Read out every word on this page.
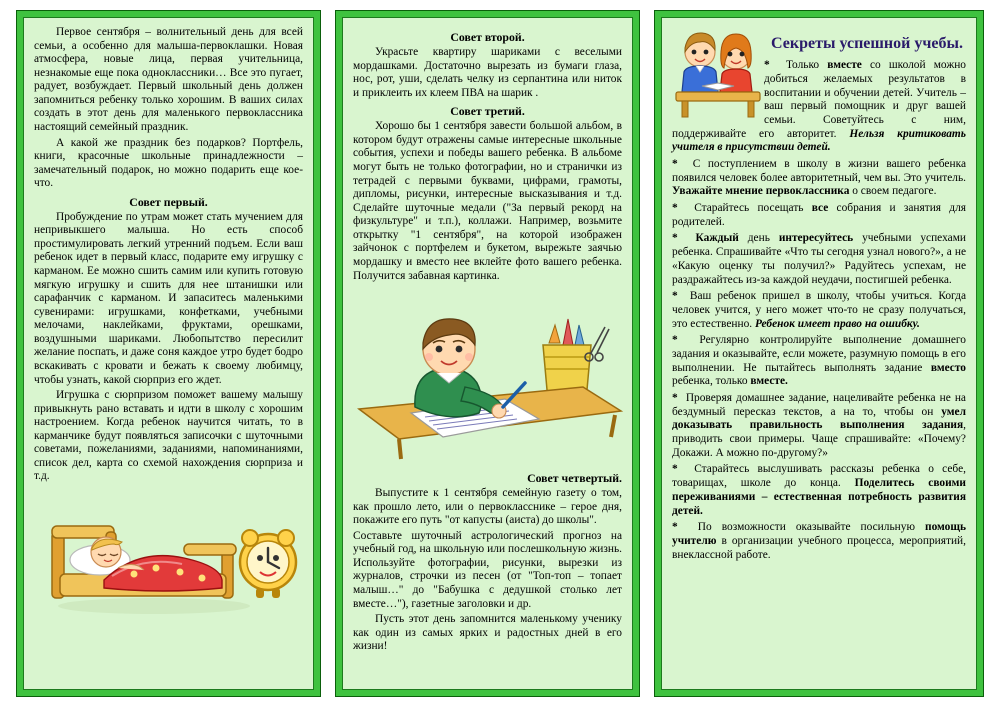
Первое сентября – волнительный день для всей семьи, а особенно для малыша-первоклашки. Новая атмосфера, новые лица, первая учительница, незнакомые еще пока одноклассники… Все это пугает, радует, возбуждает. Первый школьный день должен запомниться ребенку только хорошим. В ваших силах создать в этот день для маленького первоклассника настоящий семейный праздник.

А какой же праздник без подарков? Портфель, книги, красочные школьные принадлежности – замечательный подарок, но можно подарить еще кое-что.

Совет первый.

Пробуждение по утрам может стать мучением для непривыкшего малыша. Но есть способ простимулировать легкий утренний подъем. Если ваш ребенок идет в первый класс, подарите ему игрушку с карманом. Ее можно сшить самим или купить готовую мягкую игрушку и сшить для нее штанишки или сарафанчик с карманом. И запаситесь маленькими сувенирами: игрушками, конфетками, учебными мелочами, наклейками, фруктами, орешками, воздушными шариками. Любопытство пересилит желание поспать, и даже соня каждое утро будет бодро вскакивать с кровати и бежать к своему любимцу, чтобы узнать, какой сюрприз его ждет.

Игрушка с сюрпризом поможет вашему малышу привыкнуть рано вставать и идти в школу с хорошим настроением. Когда ребенок научится читать, то в карманчике будут появляться записочки с шуточными советами, пожеланиями, заданиями, напоминаниями, список дел, карта со схемой нахождения сюрприза и т.д.

Совет второй.

Украсьте квартиру шариками с веселыми мордашками. Достаточно вырезать из бумаги глаза, нос, рот, уши, сделать челку из серпантина или ниток и приклеить их клеем ПВА на шарик .

Совет третий.

Хорошо бы 1 сентября завести большой альбом, в котором будут отражены самые интересные школьные события, успехи и победы вашего ребенка. В альбоме могут быть не только фотографии, но и странички из тетрадей с первыми буквами, цифрами, грамоты, дипломы, рисунки, интересные высказывания и т.д. Сделайте шуточные медали ("За первый рекорд на физкультуре" и т.п.), коллажи. Например, возьмите открытку "1 сентября", на которой изображен зайчонок с портфелем и букетом, вырежьте заячью мордашку и вместо нее вклейте фото вашего ребенка. Получится забавная картинка.

Совет четвертый.

Выпустите к 1 сентября семейную газету о том, как прошло лето, или о первокласснике – герое дня, покажите его путь "от капусты (аиста) до школы".

Составьте шуточный астрологический прогноз на учебный год, на школьную или послешкольную жизнь. Используйте фотографии, рисунки, вырезки из журналов, строчки из песен (от "Топ-топ – топает малыш…" до "Бабушка с дедушкой столько лет вместе…"), газетные заголовки и др.

Пусть этот день запомнится маленькому ученику как один из самых ярких и радостных дней в его жизни!

Секреты успешной учебы.

* Только вместе со школой можно добиться желаемых результатов в воспитании и обучении детей. Учитель – ваш первый помощник и друг вашей семьи. Советуйтесь с ним, поддерживайте его авторитет. Нельзя критиковать учителя в присутствии детей.

* С поступлением в школу в жизни вашего ребенка появился человек более авторитетный, чем вы. Это учитель. Уважайте мнение первоклассника о своем педагоге.

* Старайтесь посещать все собрания и занятия для родителей.

* Каждый день интересуйтесь учебными успехами ребенка. Спрашивайте «Что ты сегодня узнал нового?», а не «Какую оценку ты получил?» Радуйтесь успехам, не раздражайтесь из-за каждой неудачи, постигшей ребенка.

* Ваш ребенок пришел в школу, чтобы учиться. Когда человек учится, у него может что-то не сразу получаться, это естественно. Ребенок имеет право на ошибку.

* Регулярно контролируйте выполнение домашнего задания и оказывайте, если можете, разумную помощь в его выполнении. Не пытайтесь выполнять задание вместо ребенка, только вместе.

* Проверяя домашнее задание, нацеливайте ребенка не на бездумный пересказ текстов, а на то, чтобы он умел доказывать правильность выполнения задания, приводить свои примеры. Чаще спрашивайте: «Почему? Докажи. А можно по-другому?»

* Старайтесь выслушивать рассказы ребенка о себе, товарищах, школе до конца. Поделитесь своими переживаниями – естественная потребность развития детей.

* По возможности оказывайте посильную помощь учителю в организации учебного процесса, мероприятий, внеклассной работе.
